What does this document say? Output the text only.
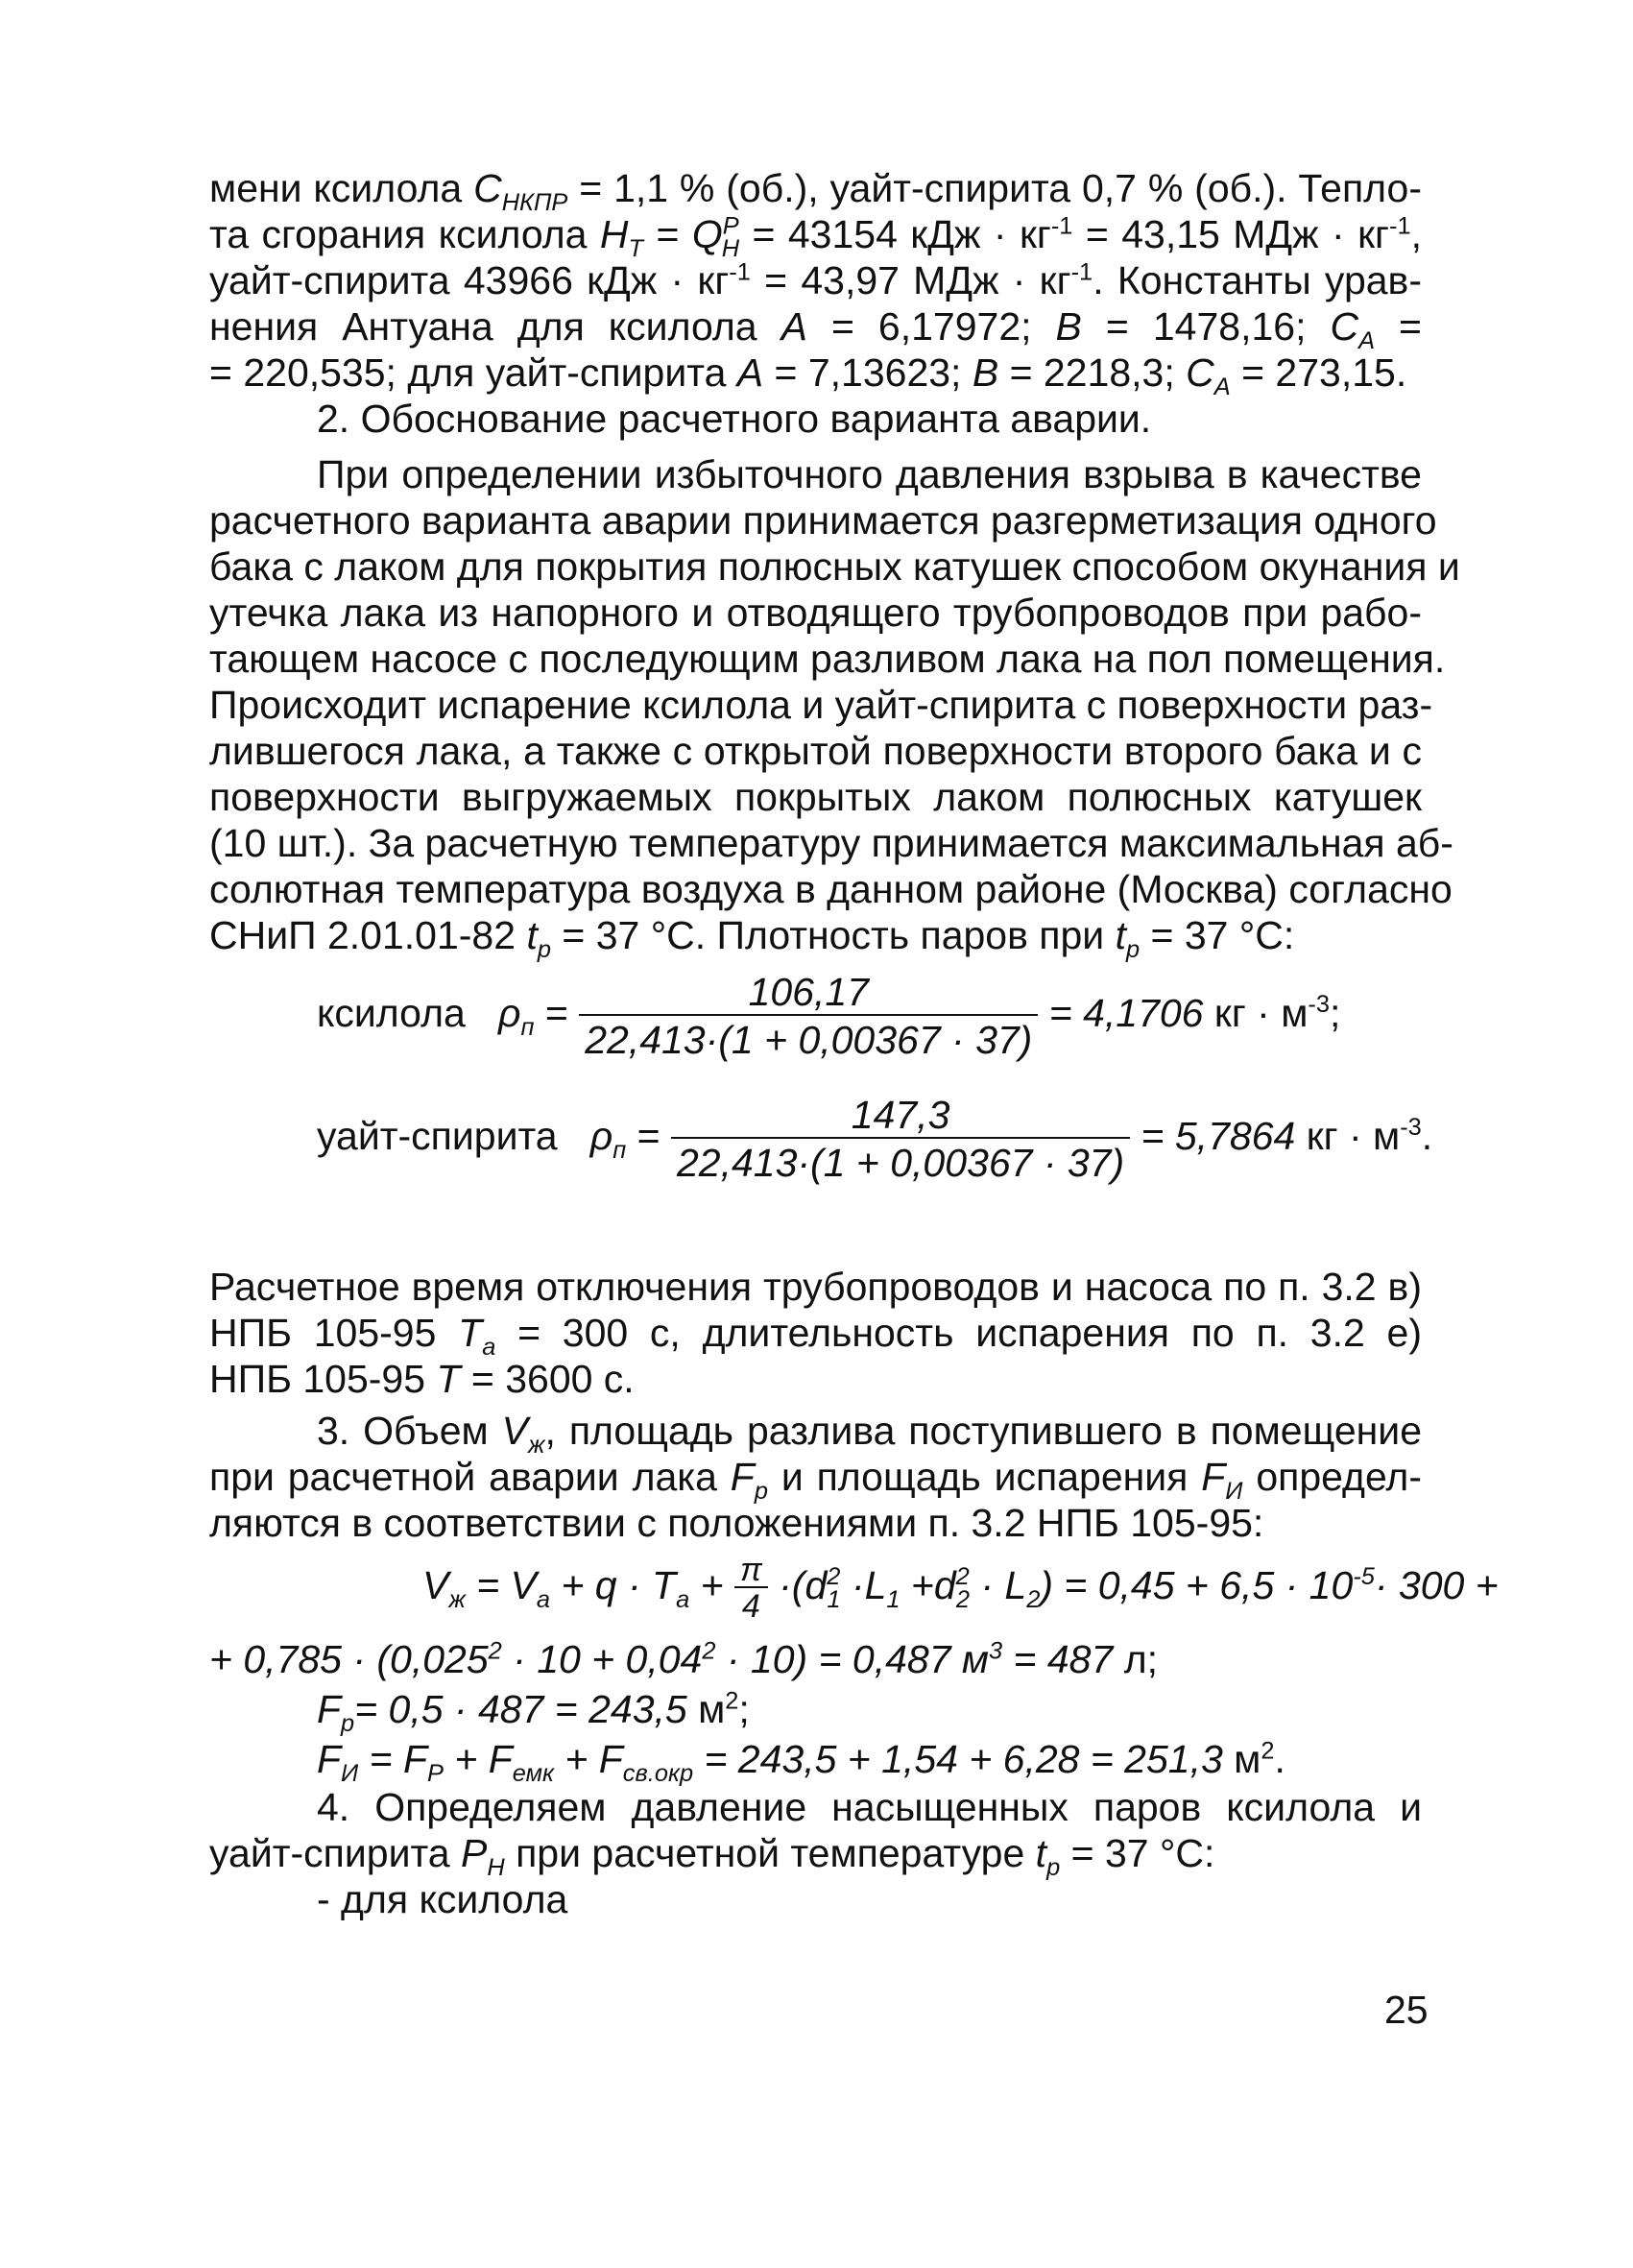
мени ксилола $C_{НКПР} = 1,1$ % (об.), уайт-спирита 0,7 % (об.). Тепло-
та сгорания ксилола $H_T = Q^P_H = 43154$ кДж · $кг^{-1} = 43,15$ МДж · $кг^{-1}$,
уайт-спирита 43966 кДж · $кг^{-1} = 43,97$ МДж · $кг^{-1}$. Константы урав-
нения Антуана для ксилола A = 6,17972; B = 1478,16; $C_A$ =
= 220,535; для уайт-спирита A = 7,13623; B = 2218,3; $C_A = 273,15$.
2. Обоснование расчетного варианта аварии.
При определении избыточного давления взрыва в качестве
расчетного варианта аварии принимается разгерметизация одного
бака с лаком для покрытия полюсных катушек способом окунания и
утечка лака из напорного и отводящего трубопроводов при рабо-
тающем насосе с последующим разливом лака на пол помещения.
Происходит испарение ксилола и уайт-спирита с поверхности раз-
лившегося лака, а также с открытой поверхности второго бака и с
поверхности выгружаемых покрытых лаком полюсных катушек
(10 шт.). За расчетную температуру принимается максимальная аб-
солютная температура воздуха в данном районе (Москва) согласно
СНиП 2.01.01-82 $t_p = 37$ °С. Плотность паров при $t_p = 37$ °С:
ксилола $\rho_п = \frac{106,17}{22,413\cdot(1 + 0,00367 \cdot 37)} = 4,1706$ кг · $м^{-3}$;
уайт-спирита $\rho_п = \frac{147,3}{22,413\cdot(1 + 0,00367 \cdot 37)} = 5,7864$ кг · $м^{-3}$.
Расчетное время отключения трубопроводов и насоса по п. 3.2 в)
НПБ 105-95 $T_a = 300$ с, длительность испарения по п. 3.2 е)
НПБ 105-95 T = 3600 с.
3. Объем $V_ж$, площадь разлива поступившего в помещение
при расчетной аварии лака $F_р$ и площадь испарения $F_И$ определ-
ляются в соответствии с положениями п. 3.2 НПБ 105-95:
$V_ж = V_a + q \cdot T_a + \frac{\pi}{4} \cdot(d^2_1 \cdot L_1 +d^2_2 \cdot L_2) = 0,45 + 6,5 \cdot 10^{-5}\cdot 300$ +
+ $0,785 \cdot (0,025^2 \cdot 10 + 0,04^2 \cdot 10) = 0,487$ $м^3 = 487$ л;
$F_р= 0,5 \cdot 487 = 243,5$ $м^2$;
$F_И = F_Р + F_{емк} + F_{св.окр} = 243,5 + 1,54 + 6,28 = 251,3$ $м^2$.
4. Определяем давление насыщенных паров ксилола и
уайт-спирита $P_Н$ при расчетной температуре $t_p = 37$ °С:
- для ксилола
25
